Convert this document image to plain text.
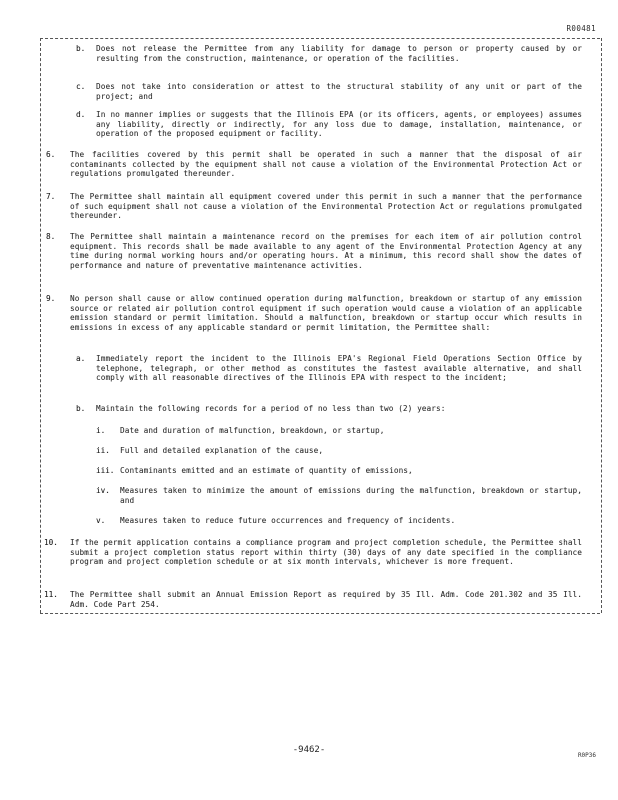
R00481
b. Does not release the Permittee from any liability for damage to person or property caused by or resulting from the construction, maintenance, or operation of the facilities.
c. Does not take into consideration or attest to the structural stability of any unit or part of the project; and
d. In no manner implies or suggests that the Illinois EPA (or its officers, agents, or employees) assumes any liability, directly or indirectly, for any loss due to damage, installation, maintenance, or operation of the proposed equipment or facility.
6. The facilities covered by this permit shall be operated in such a manner that the disposal of air contaminants collected by the equipment shall not cause a violation of the Environmental Protection Act or regulations promulgated thereunder.
7. The Permittee shall maintain all equipment covered under this permit in such a manner that the performance of such equipment shall not cause a violation of the Environmental Protection Act or regulations promulgated thereunder.
8. The Permittee shall maintain a maintenance record on the premises for each item of air pollution control equipment. This records shall be made available to any agent of the Environmental Protection Agency at any time during normal working hours and/or operating hours. At a minimum, this record shall show the dates of performance and nature of preventative maintenance activities.
9. No person shall cause or allow continued operation during malfunction, breakdown or startup of any emission source or related air pollution control equipment if such operation would cause a violation of an applicable emission standard or permit limitation. Should a malfunction, breakdown or startup occur which results in emissions in excess of any applicable standard or permit limitation, the Permittee shall:
a. Immediately report the incident to the Illinois EPA's Regional Field Operations Section Office by telephone, telegraph, or other method as constitutes the fastest available alternative, and shall comply with all reasonable directives of the Illinois EPA with respect to the incident;
b. Maintain the following records for a period of no less than two (2) years:
i. Date and duration of malfunction, breakdown, or startup,
ii. Full and detailed explanation of the cause,
iii. Contaminants emitted and an estimate of quantity of emissions,
iv. Measures taken to minimize the amount of emissions during the malfunction, breakdown or startup, and
v. Measures taken to reduce future occurrences and frequency of incidents.
10. If the permit application contains a compliance program and project completion schedule, the Permittee shall submit a project completion status report within thirty (30) days of any date specified in the compliance program and project completion schedule or at six month intervals, whichever is more frequent.
11. The Permittee shall submit an Annual Emission Report as required by 35 Ill. Adm. Code 201.302 and 35 Ill. Adm. Code Part 254.
-9462-
R0P36
